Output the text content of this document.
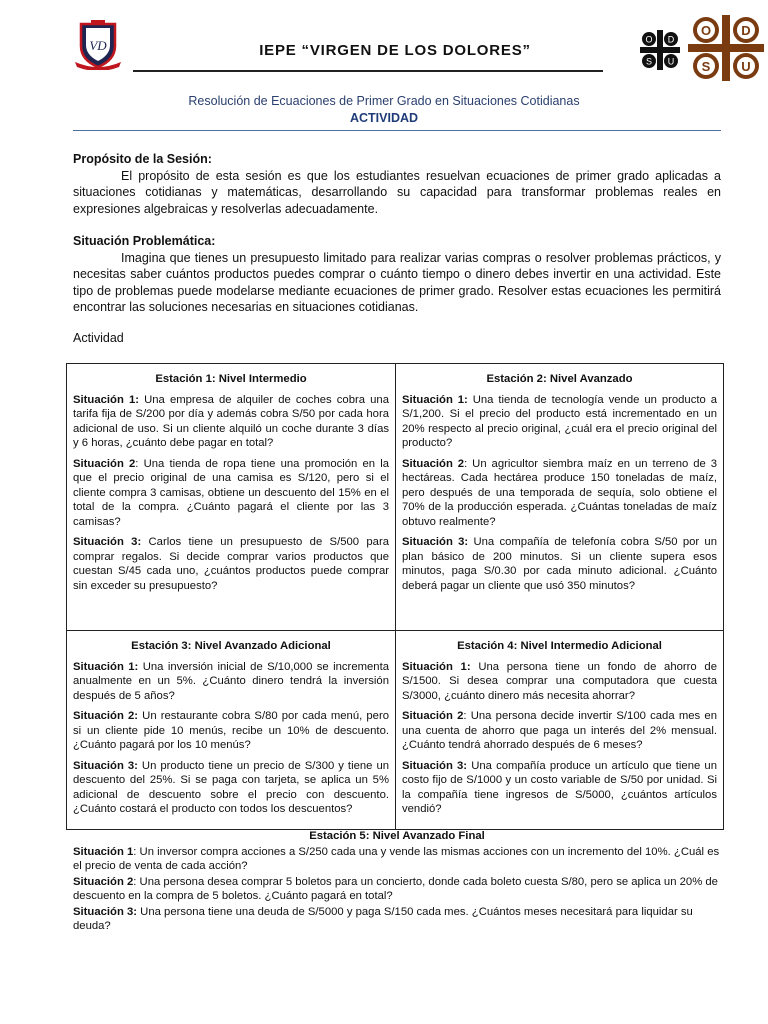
VD	IEPE “VIRGEN DE LOS DOLORES”
O D
S U
O D
S U
Resolución de Ecuaciones de Primer Grado en Situaciones Cotidianas
ACTIVIDAD
Propósito de la Sesión:

El propósito de esta sesión es que los estudiantes resuelvan ecuaciones de primer grado aplicadas a situaciones cotidianas y matemáticas, desarrollando su capacidad para transformar problemas reales en expresiones algebraicas y resolverlas adecuadamente.

Situación Problemática:

Imagina que tienes un presupuesto limitado para realizar varias compras o resolver problemas prácticos, y necesitas saber cuántos productos puedes comprar o cuánto tiempo o dinero debes invertir en una actividad. Este tipo de problemas puede modelarse mediante ecuaciones de primer grado. Resolver estas ecuaciones les permitirá encontrar las soluciones necesarias en situaciones cotidianas.

Actividad
Estación 1: Nivel Intermedio

Situación 1: Una empresa de alquiler de coches cobra una tarifa fija de S/200 por día y además cobra S/50 por cada hora adicional de uso. Si un cliente alquiló un coche durante 3 días y 6 horas, ¿cuánto debe pagar en total?

Situación 2: Una tienda de ropa tiene una promoción en la que el precio original de una camisa es S/120, pero si el cliente compra 3 camisas, obtiene un descuento del 15% en el total de la compra. ¿Cuánto pagará el cliente por las 3 camisas?

Situación 3: Carlos tiene un presupuesto de S/500 para comprar regalos. Si decide comprar varios productos que cuestan S/45 cada uno, ¿cuántos productos puede comprar sin exceder su presupuesto?

Estación 2: Nivel Avanzado

Situación 1: Una tienda de tecnología vende un producto a S/1,200. Si el precio del producto está incrementado en un 20% respecto al precio original, ¿cuál era el precio original del producto?

Situación 2: Un agricultor siembra maíz en un terreno de 3 hectáreas. Cada hectárea produce 150 toneladas de maíz, pero después de una temporada de sequía, solo obtiene el 70% de la producción esperada. ¿Cuántas toneladas de maíz obtuvo realmente?

Situación 3: Una compañía de telefonía cobra S/50 por un plan básico de 200 minutos. Si un cliente supera esos minutos, paga S/0.30 por cada minuto adicional. ¿Cuánto deberá pagar un cliente que usó 350 minutos?

Estación 3: Nivel Avanzado Adicional

Situación 1: Una inversión inicial de S/10,000 se incrementa anualmente en un 5%. ¿Cuánto dinero tendrá la inversión después de 5 años?

Situación 2: Un restaurante cobra S/80 por cada menú, pero si un cliente pide 10 menús, recibe un 10% de descuento. ¿Cuánto pagará por los 10 menús?

Situación 3: Un producto tiene un precio de S/300 y tiene un descuento del 25%. Si se paga con tarjeta, se aplica un 5% adicional de descuento sobre el precio con descuento. ¿Cuánto costará el producto con todos los descuentos?

Estación 4: Nivel Intermedio Adicional

Situación 1: Una persona tiene un fondo de ahorro de S/1500. Si desea comprar una computadora que cuesta S/3000, ¿cuánto dinero más necesita ahorrar?

Situación 2: Una persona decide invertir S/100 cada mes en una cuenta de ahorro que paga un interés del 2% mensual. ¿Cuánto tendrá ahorrado después de 6 meses?

Situación 3: Una compañía produce un artículo que tiene un costo fijo de S/1000 y un costo variable de S/50 por unidad. Si la compañía tiene ingresos de S/5000, ¿cuántos artículos vendió?

Estación 5: Nivel Avanzado Final

Situación 1: Un inversor compra acciones a S/250 cada una y vende las mismas acciones con un incremento del 10%. ¿Cuál es el precio de venta de cada acción?

Situación 2: Una persona desea comprar 5 boletos para un concierto, donde cada boleto cuesta S/80, pero se aplica un 20% de descuento en la compra de 5 boletos. ¿Cuánto pagará en total?

Situación 3: Una persona tiene una deuda de S/5000 y paga S/150 cada mes. ¿Cuántos meses necesitará para liquidar su deuda?
